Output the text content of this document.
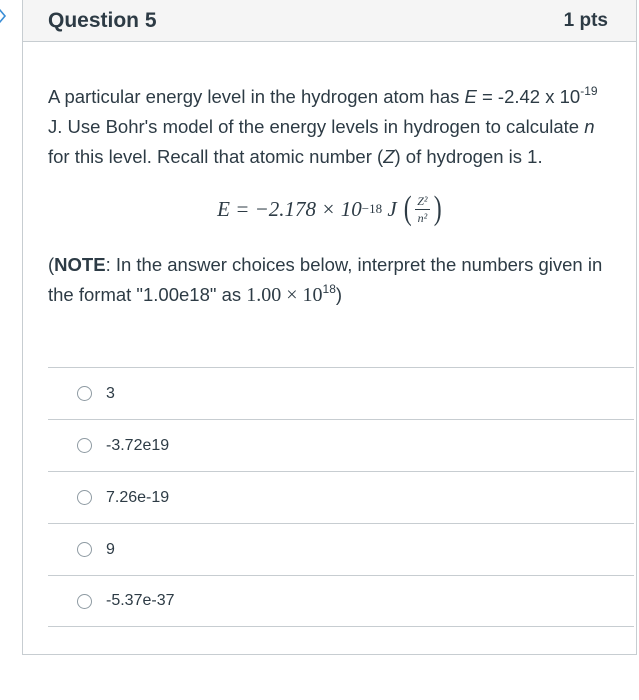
Question 5	1 pts

A particular energy level in the hydrogen atom has E = -2.42 x $10^{-19}$ J. Use Bohr's model of the energy levels in hydrogen to calculate n for this level. Recall that atomic number (Z) of hydrogen is 1.

E = −2.178 × 10 −18 J ( $\frac{\text{Z²}}{\text{n²}}$ )

(NOTE: In the answer choices below, interpret the numbers given in the format "1.00e18" as $1.00 \times 10^{18}$)

3
-3.72e19
7.26e-19
9
-5.37e-37
